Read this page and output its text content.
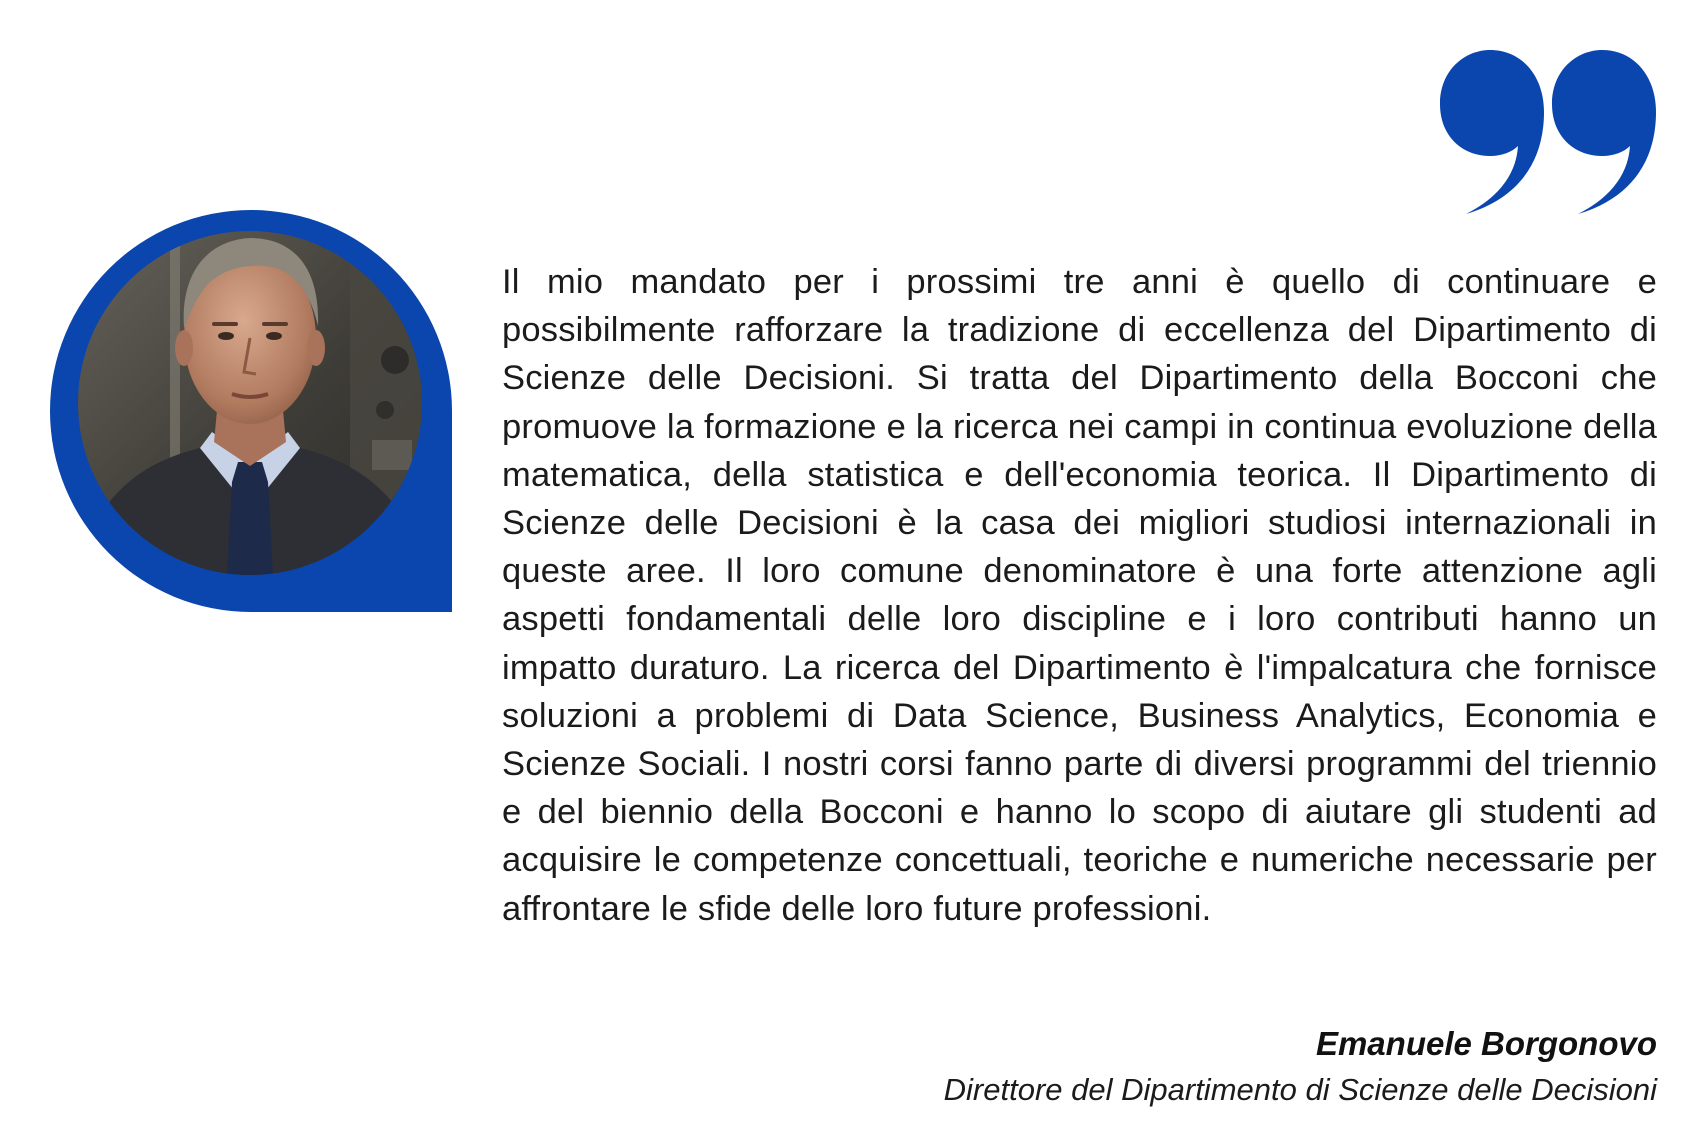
Il mio mandato per i prossimi tre anni è quello di continuare e possibilmente rafforzare la tradizione di eccellenza del Dipartimento di Scienze delle Decisioni. Si tratta del Dipartimento della Bocconi che promuove la formazione e la ricerca nei campi in continua evoluzione della matematica, della statistica e dell'economia teorica. Il Dipartimento di Scienze delle Decisioni è la casa dei migliori studiosi internazionali in queste aree. Il loro comune denominatore è una forte attenzione agli aspetti fondamentali delle loro discipline e i loro contributi hanno un impatto duraturo. La ricerca del Dipartimento è l'impalcatura che fornisce soluzioni a problemi di Data Science, Business Analytics, Economia e Scienze Sociali. I nostri corsi fanno parte di diversi programmi del triennio e del biennio della Bocconi e hanno lo scopo di aiutare gli studenti ad acquisire le competenze concettuali, teoriche e numeriche necessarie per affrontare le sfide delle loro future professioni.

Emanuele Borgonovo
Direttore del Dipartimento di Scienze delle Decisioni
